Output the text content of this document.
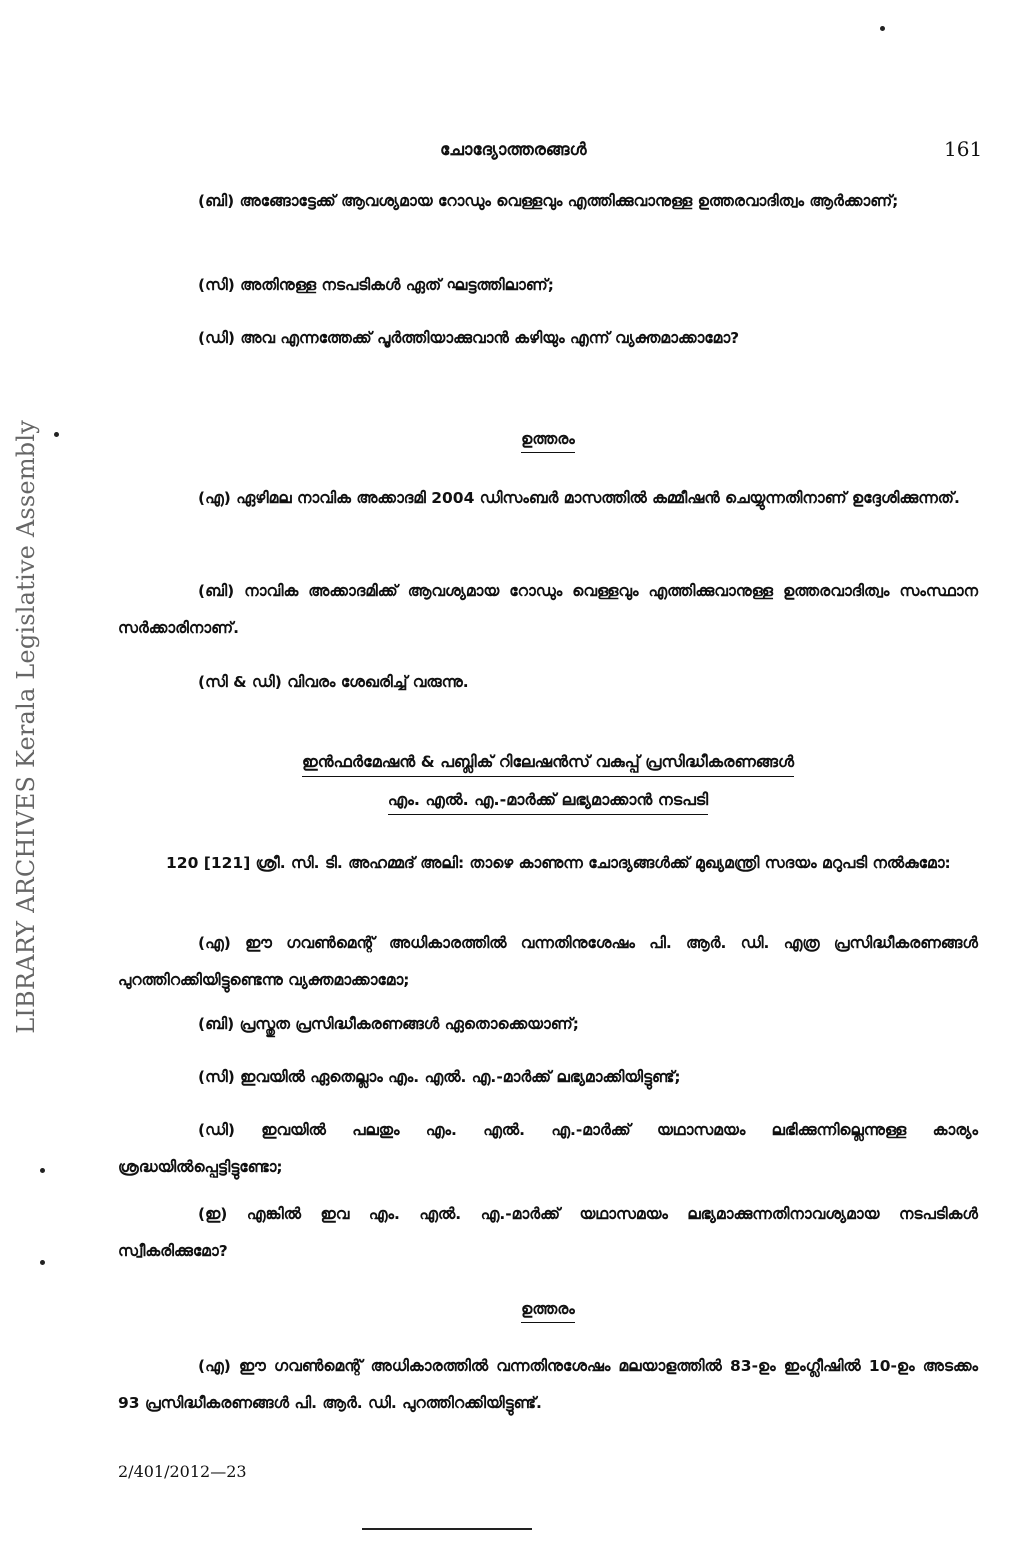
LIBRARY ARCHIVES Kerala Legislative Assembly
ചോദ്യോത്തരങ്ങൾ	161

(ബി) അങ്ങോട്ടേക്ക് ആവശ്യമായ റോഡും വെള്ളവും എത്തിക്കുവാനുള്ള ഉത്തരവാദിത്വം ആർക്കാണ്;

(സി) അതിനുള്ള നടപടികൾ ഏത് ഘട്ടത്തിലാണ്;

(ഡി) അവ എന്നത്തേക്ക് പൂർത്തിയാക്കുവാൻ കഴിയും എന്ന് വ്യക്തമാക്കാമോ?

ഉത്തരം

(എ) ഏഴിമല നാവിക അക്കാദമി 2004 ഡിസംബർ മാസത്തിൽ കമ്മീഷൻ ചെയ്യുന്നതിനാണ് ഉദ്ദേശിക്കുന്നത്.

(ബി) നാവിക അക്കാദമിക്ക് ആവശ്യമായ റോഡും വെള്ളവും എത്തിക്കുവാനുള്ള ഉത്തരവാദിത്വം സംസ്ഥാന സർക്കാരിനാണ്.

(സി & ഡി) വിവരം ശേഖരിച്ച് വരുന്നു.

ഇൻഫർമേഷൻ & പബ്ലിക് റിലേഷൻസ് വകുപ്പ് പ്രസിദ്ധീകരണങ്ങൾ

എം. എൽ. എ.-മാർക്ക് ലഭ്യമാക്കാൻ നടപടി

120 [121] ശ്രീ. സി. ടി. അഹമ്മദ് അലി: താഴെ കാണുന്ന ചോദ്യങ്ങൾക്ക് മുഖ്യമന്ത്രി സദയം മറുപടി നൽകുമോ:

(എ) ഈ ഗവൺമെന്റ് അധികാരത്തിൽ വന്നതിനുശേഷം പി. ആർ. ഡി. എത്ര പ്രസിദ്ധീകരണങ്ങൾ പുറത്തിറക്കിയിട്ടുണ്ടെന്നു വ്യക്തമാക്കാമോ;

(ബി) പ്രസ്തുത പ്രസിദ്ധീകരണങ്ങൾ ഏതൊക്കെയാണ്;

(സി) ഇവയിൽ ഏതെല്ലാം എം. എൽ. എ.-മാർക്ക് ലഭ്യമാക്കിയിട്ടുണ്ട്;

(ഡി) ഇവയിൽ പലതും എം. എൽ. എ.-മാർക്ക് യഥാസമയം ലഭിക്കുന്നില്ലെന്നുള്ള കാര്യം ശ്രദ്ധയിൽപ്പെട്ടിട്ടുണ്ടോ;

(ഇ) എങ്കിൽ ഇവ എം. എൽ. എ.-മാർക്ക് യഥാസമയം ലഭ്യമാക്കുന്നതിനാവശ്യമായ നടപടികൾ സ്വീകരിക്കുമോ?

ഉത്തരം

(എ) ഈ ഗവൺമെന്റ് അധികാരത്തിൽ വന്നതിനുശേഷം മലയാളത്തിൽ 83-ഉം ഇംഗ്ലീഷിൽ 10-ഉം അടക്കം 93 പ്രസിദ്ധീകരണങ്ങൾ പി. ആർ. ഡി. പുറത്തിറക്കിയിട്ടുണ്ട്.

2/401/2012—23
